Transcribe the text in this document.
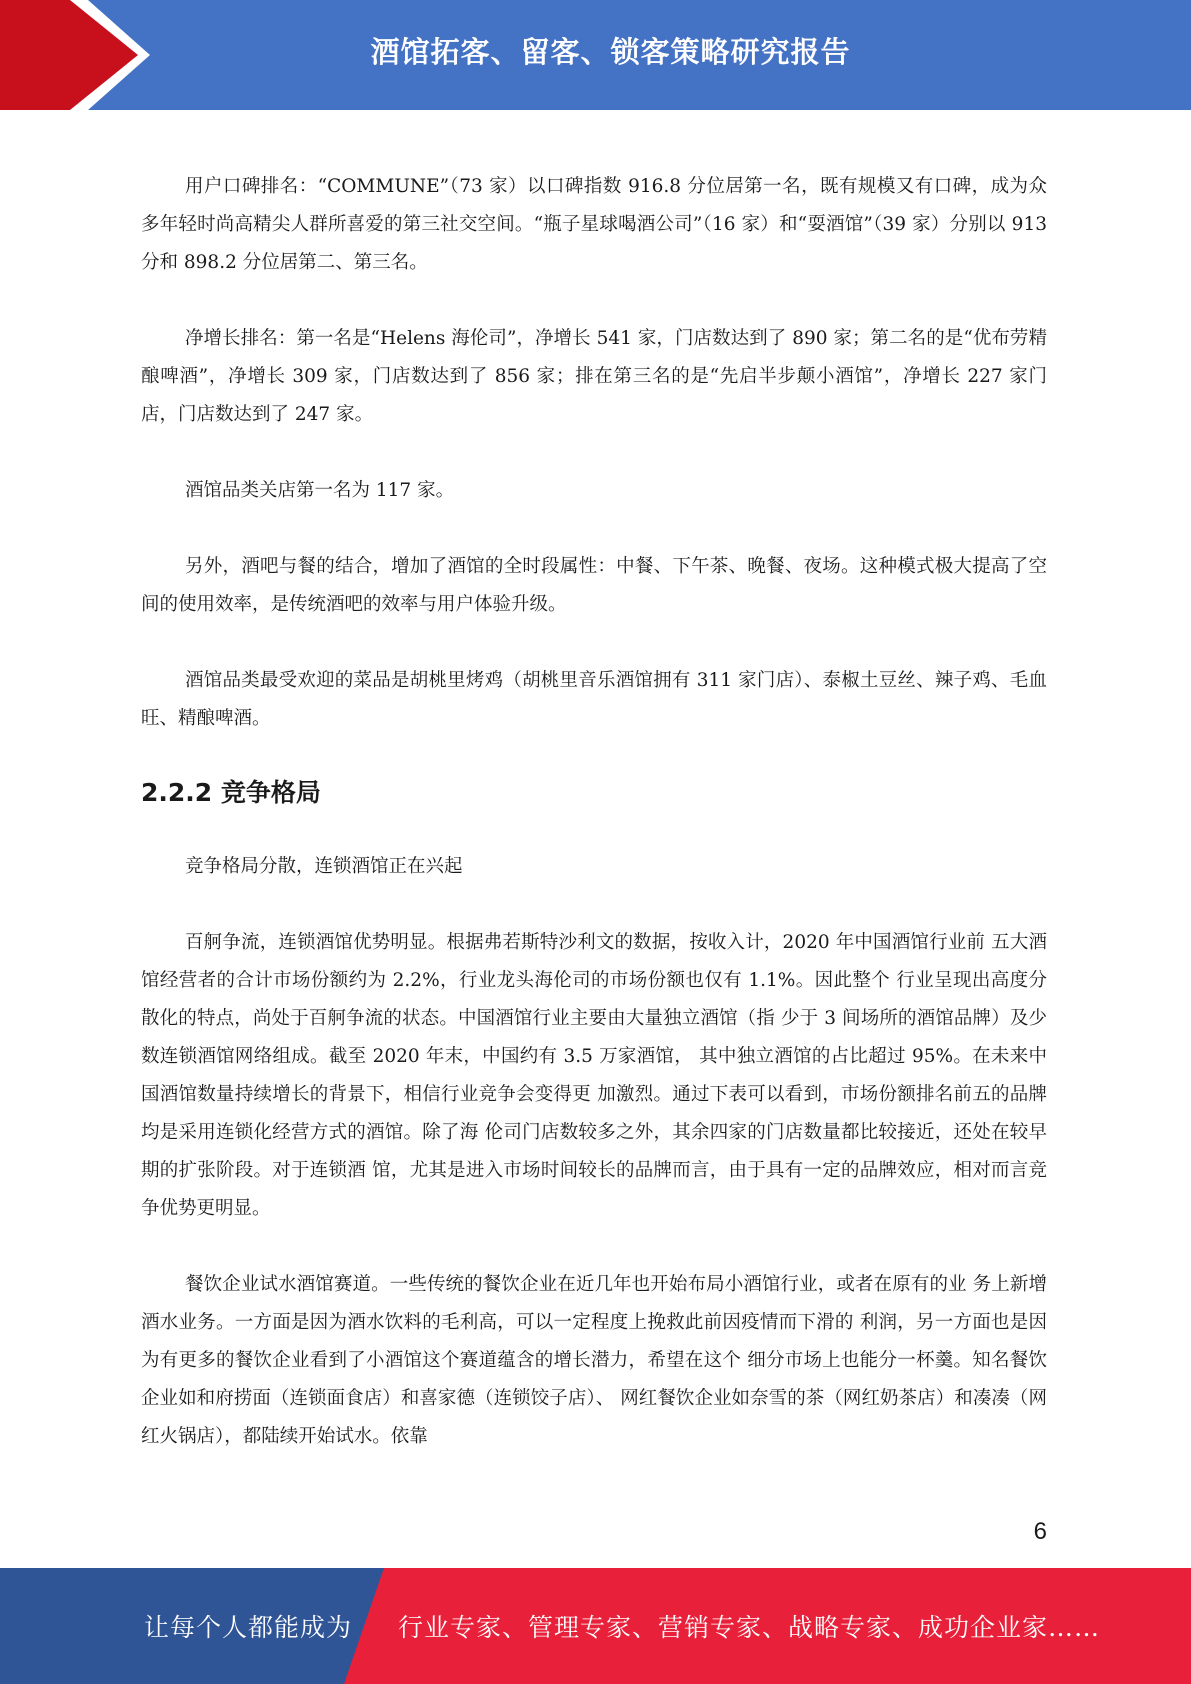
酒馆拓客、留客、锁客策略研究报告

用户口碑排名：“COMMUNE”（73 家）以口碑指数 916.8 分位居第一名，既有规模又有口碑，成为众多年轻时尚高精尖人群所喜爱的第三社交空间。“瓶子星球喝酒公司”（16 家）和“耍酒馆”（39 家）分别以 913 分和 898.2 分位居第二、第三名。

净增长排名：第一名是“Helens 海伦司”，净增长 541 家，门店数达到了 890 家；第二名的是“优布劳精酿啤酒”，净增长 309 家，门店数达到了 856 家；排在第三名的是“先启半步颠小酒馆”，净增长 227 家门店，门店数达到了 247 家。

酒馆品类关店第一名为 117 家。

另外，酒吧与餐的结合，增加了酒馆的全时段属性：中餐、下午茶、晚餐、夜场。这种模式极大提高了空间的使用效率，是传统酒吧的效率与用户体验升级。

酒馆品类最受欢迎的菜品是胡桃里烤鸡（胡桃里音乐酒馆拥有 311 家门店）、泰椒土豆丝、辣子鸡、毛血旺、精酿啤酒。

2.2.2 竞争格局

竞争格局分散，连锁酒馆正在兴起

百舸争流，连锁酒馆优势明显。根据弗若斯特沙利文的数据，按收入计，2020 年中国酒馆行业前 五大酒馆经营者的合计市场份额约为 2.2%，行业龙头海伦司的市场份额也仅有 1.1%。因此整个 行业呈现出高度分散化的特点，尚处于百舸争流的状态。中国酒馆行业主要由大量独立酒馆（指 少于 3 间场所的酒馆品牌）及少数连锁酒馆网络组成。截至 2020 年末，中国约有 3.5 万家酒馆， 其中独立酒馆的占比超过 95%。在未来中国酒馆数量持续增长的背景下，相信行业竞争会变得更 加激烈。通过下表可以看到，市场份额排名前五的品牌均是采用连锁化经营方式的酒馆。除了海 伦司门店数较多之外，其余四家的门店数量都比较接近，还处在较早期的扩张阶段。对于连锁酒 馆，尤其是进入市场时间较长的品牌而言，由于具有一定的品牌效应，相对而言竞争优势更明显。

餐饮企业试水酒馆赛道。一些传统的餐饮企业在近几年也开始布局小酒馆行业，或者在原有的业 务上新增酒水业务。一方面是因为酒水饮料的毛利高，可以一定程度上挽救此前因疫情而下滑的 利润，另一方面也是因为有更多的餐饮企业看到了小酒馆这个赛道蕴含的增长潜力，希望在这个 细分市场上也能分一杯羹。知名餐饮企业如和府捞面（连锁面食店）和喜家德（连锁饺子店）、 网红餐饮企业如奈雪的茶（网红奶茶店）和凑凑（网红火锅店），都陆续开始试水。依靠

6
让每个人都能成为 行业专家、管理专家、营销专家、战略专家、成功企业家……
